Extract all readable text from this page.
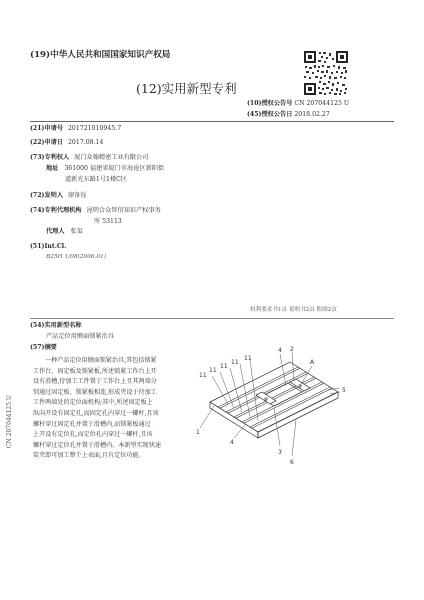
(19)中华人民共和国国家知识产权局
(12)实用新型专利
(10)授权公告号 CN 207044125 U
(45)授权公告日 2018.02.27
(21)申请号 201721010945.7
(22)申请日 2017.08.14
(73)专利权人 厦门众翰精密工业有限公司
地址 361000 福建省厦门市海沧区新阳街
道新光东路1号1楼C区
(72)发明人 廖备铨
(74)专利代理机构 昆明合众智信知识产权事务
所 53113
代理人 张玺
(51)Int.Cl.
B25H 1/08(2006.01)
权利要求书1页 说明书2页 附图2页
(54)实用新型名称
产品定位用侧面锁紧治具
(57)摘要
一种产品定位用侧面锁紧治具,其包括锁紧
工作台、固定板及锁紧板,所述锁紧工作台上开
设有滑槽,待加工工件置于工作台上且其两端分
别通过固定板、锁紧板相连,形成夹设于待加工
工件两端处的定位面机构;其中,所述固定板上
纵向开设有固定孔,而固定孔内穿过一螺杆,且该
螺杆穿过固定孔并置于滑槽内,而锁紧板通过
上开设有定位孔,而定位孔内穿过一螺杆,且该
螺杆穿过定位孔并置于滑槽内。本新型实现快速
装夹即可加工整个上表面,且有定位功能。
CN 207044125 U
11
11
11
11
11
4 2
A
5
1
4
3
6
